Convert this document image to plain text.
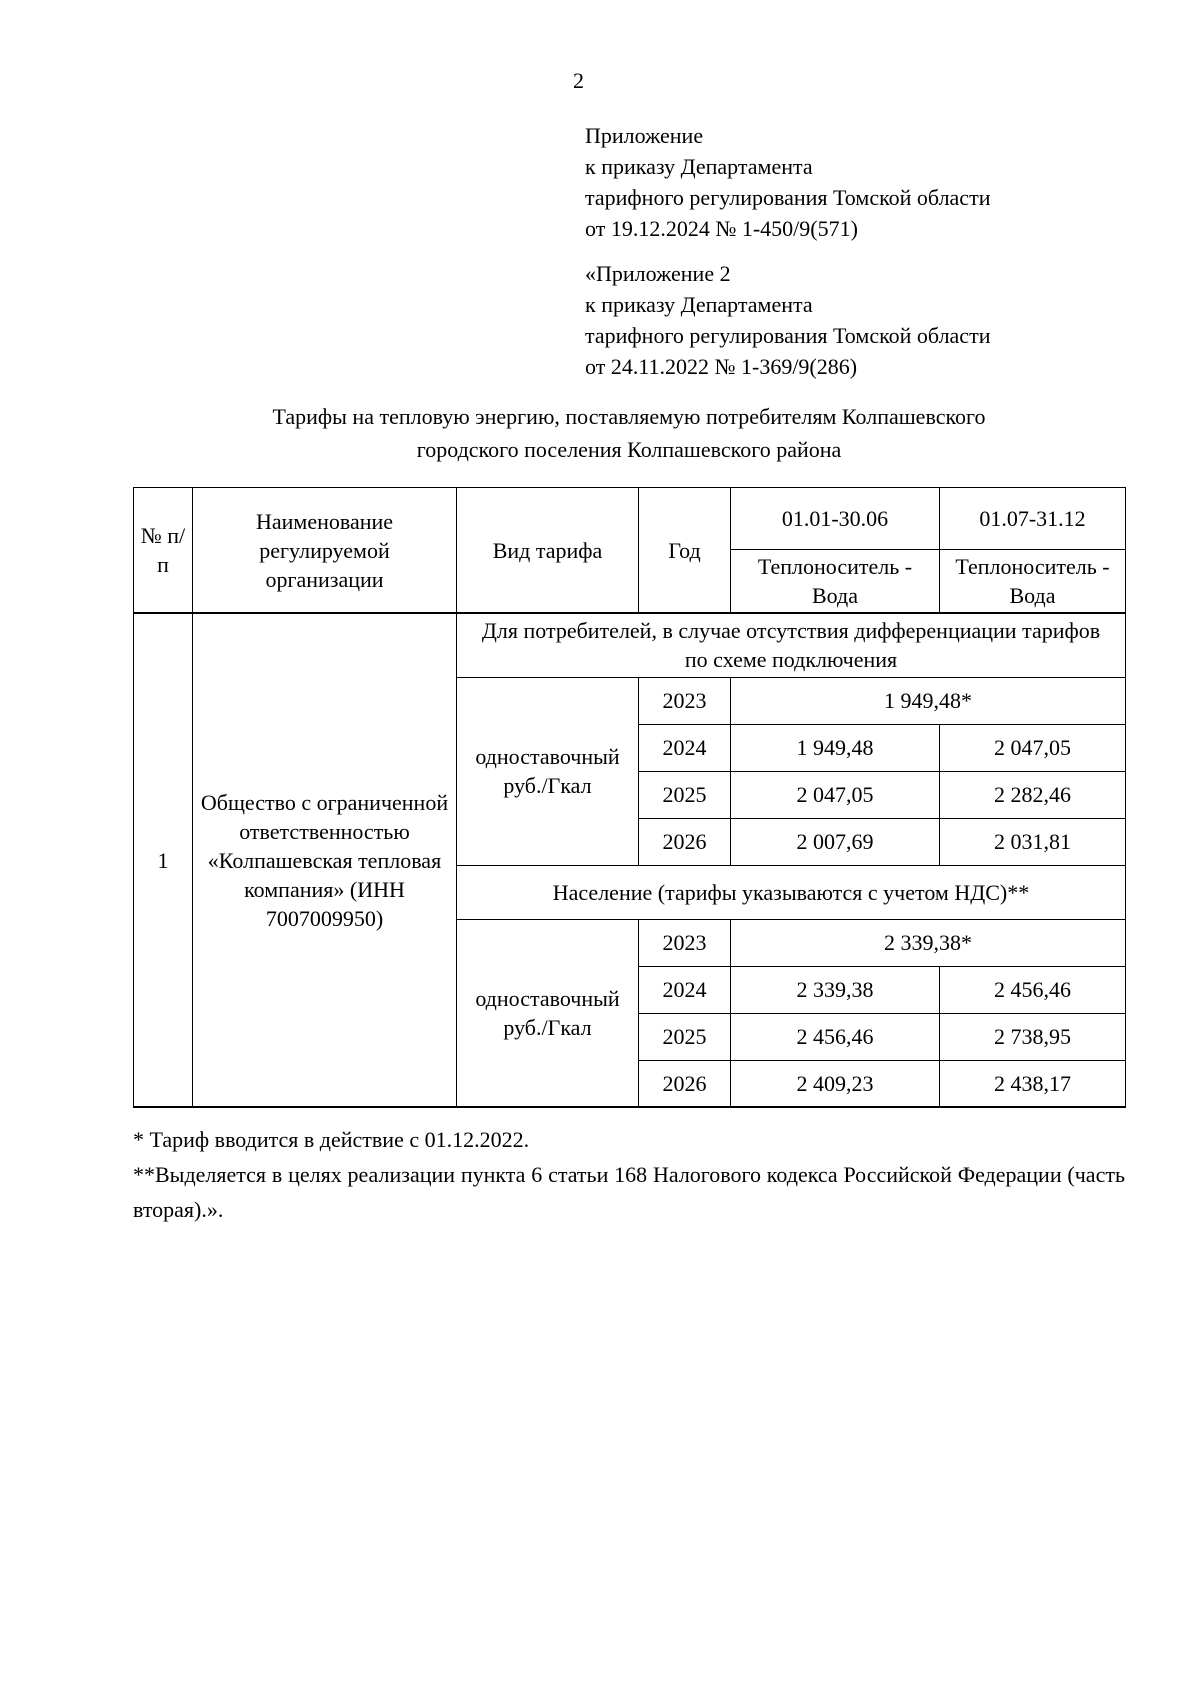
2
Приложение
к приказу Департамента
тарифного регулирования Томской области
от 19.12.2024 № 1-450/9(571)
«Приложение 2
к приказу Департамента
тарифного регулирования Томской области
от 24.11.2022 № 1-369/9(286)
Тарифы на тепловую энергию, поставляемую потребителям Колпашевского
городского поселения Колпашевского района
№ п/п	Наименование регулируемой организации	Вид тарифа	Год	01.01-30.06	01.07-31.12
				Теплоноситель - Вода	Теплоноситель - Вода
1	Общество с ограниченной ответственностью «Колпашевская тепловая компания» (ИНН 7007009950)	Для потребителей, в случае отсутствия дифференциации тарифов по схеме подключения			
		одноставочный руб./Гкал	2023	1 949,48*	
			2024	1 949,48	2 047,05
			2025	2 047,05	2 282,46
			2026	2 007,69	2 031,81
		Население (тарифы указываются с учетом НДС)**			
		одноставочный руб./Гкал	2023	2 339,38*	
			2024	2 339,38	2 456,46
			2025	2 456,46	2 738,95
			2026	2 409,23	2 438,17

* Тариф вводится в действие с 01.12.2022.

**Выделяется в целях реализации пункта 6 статьи 168 Налогового кодекса Российской Федерации (часть вторая).».
